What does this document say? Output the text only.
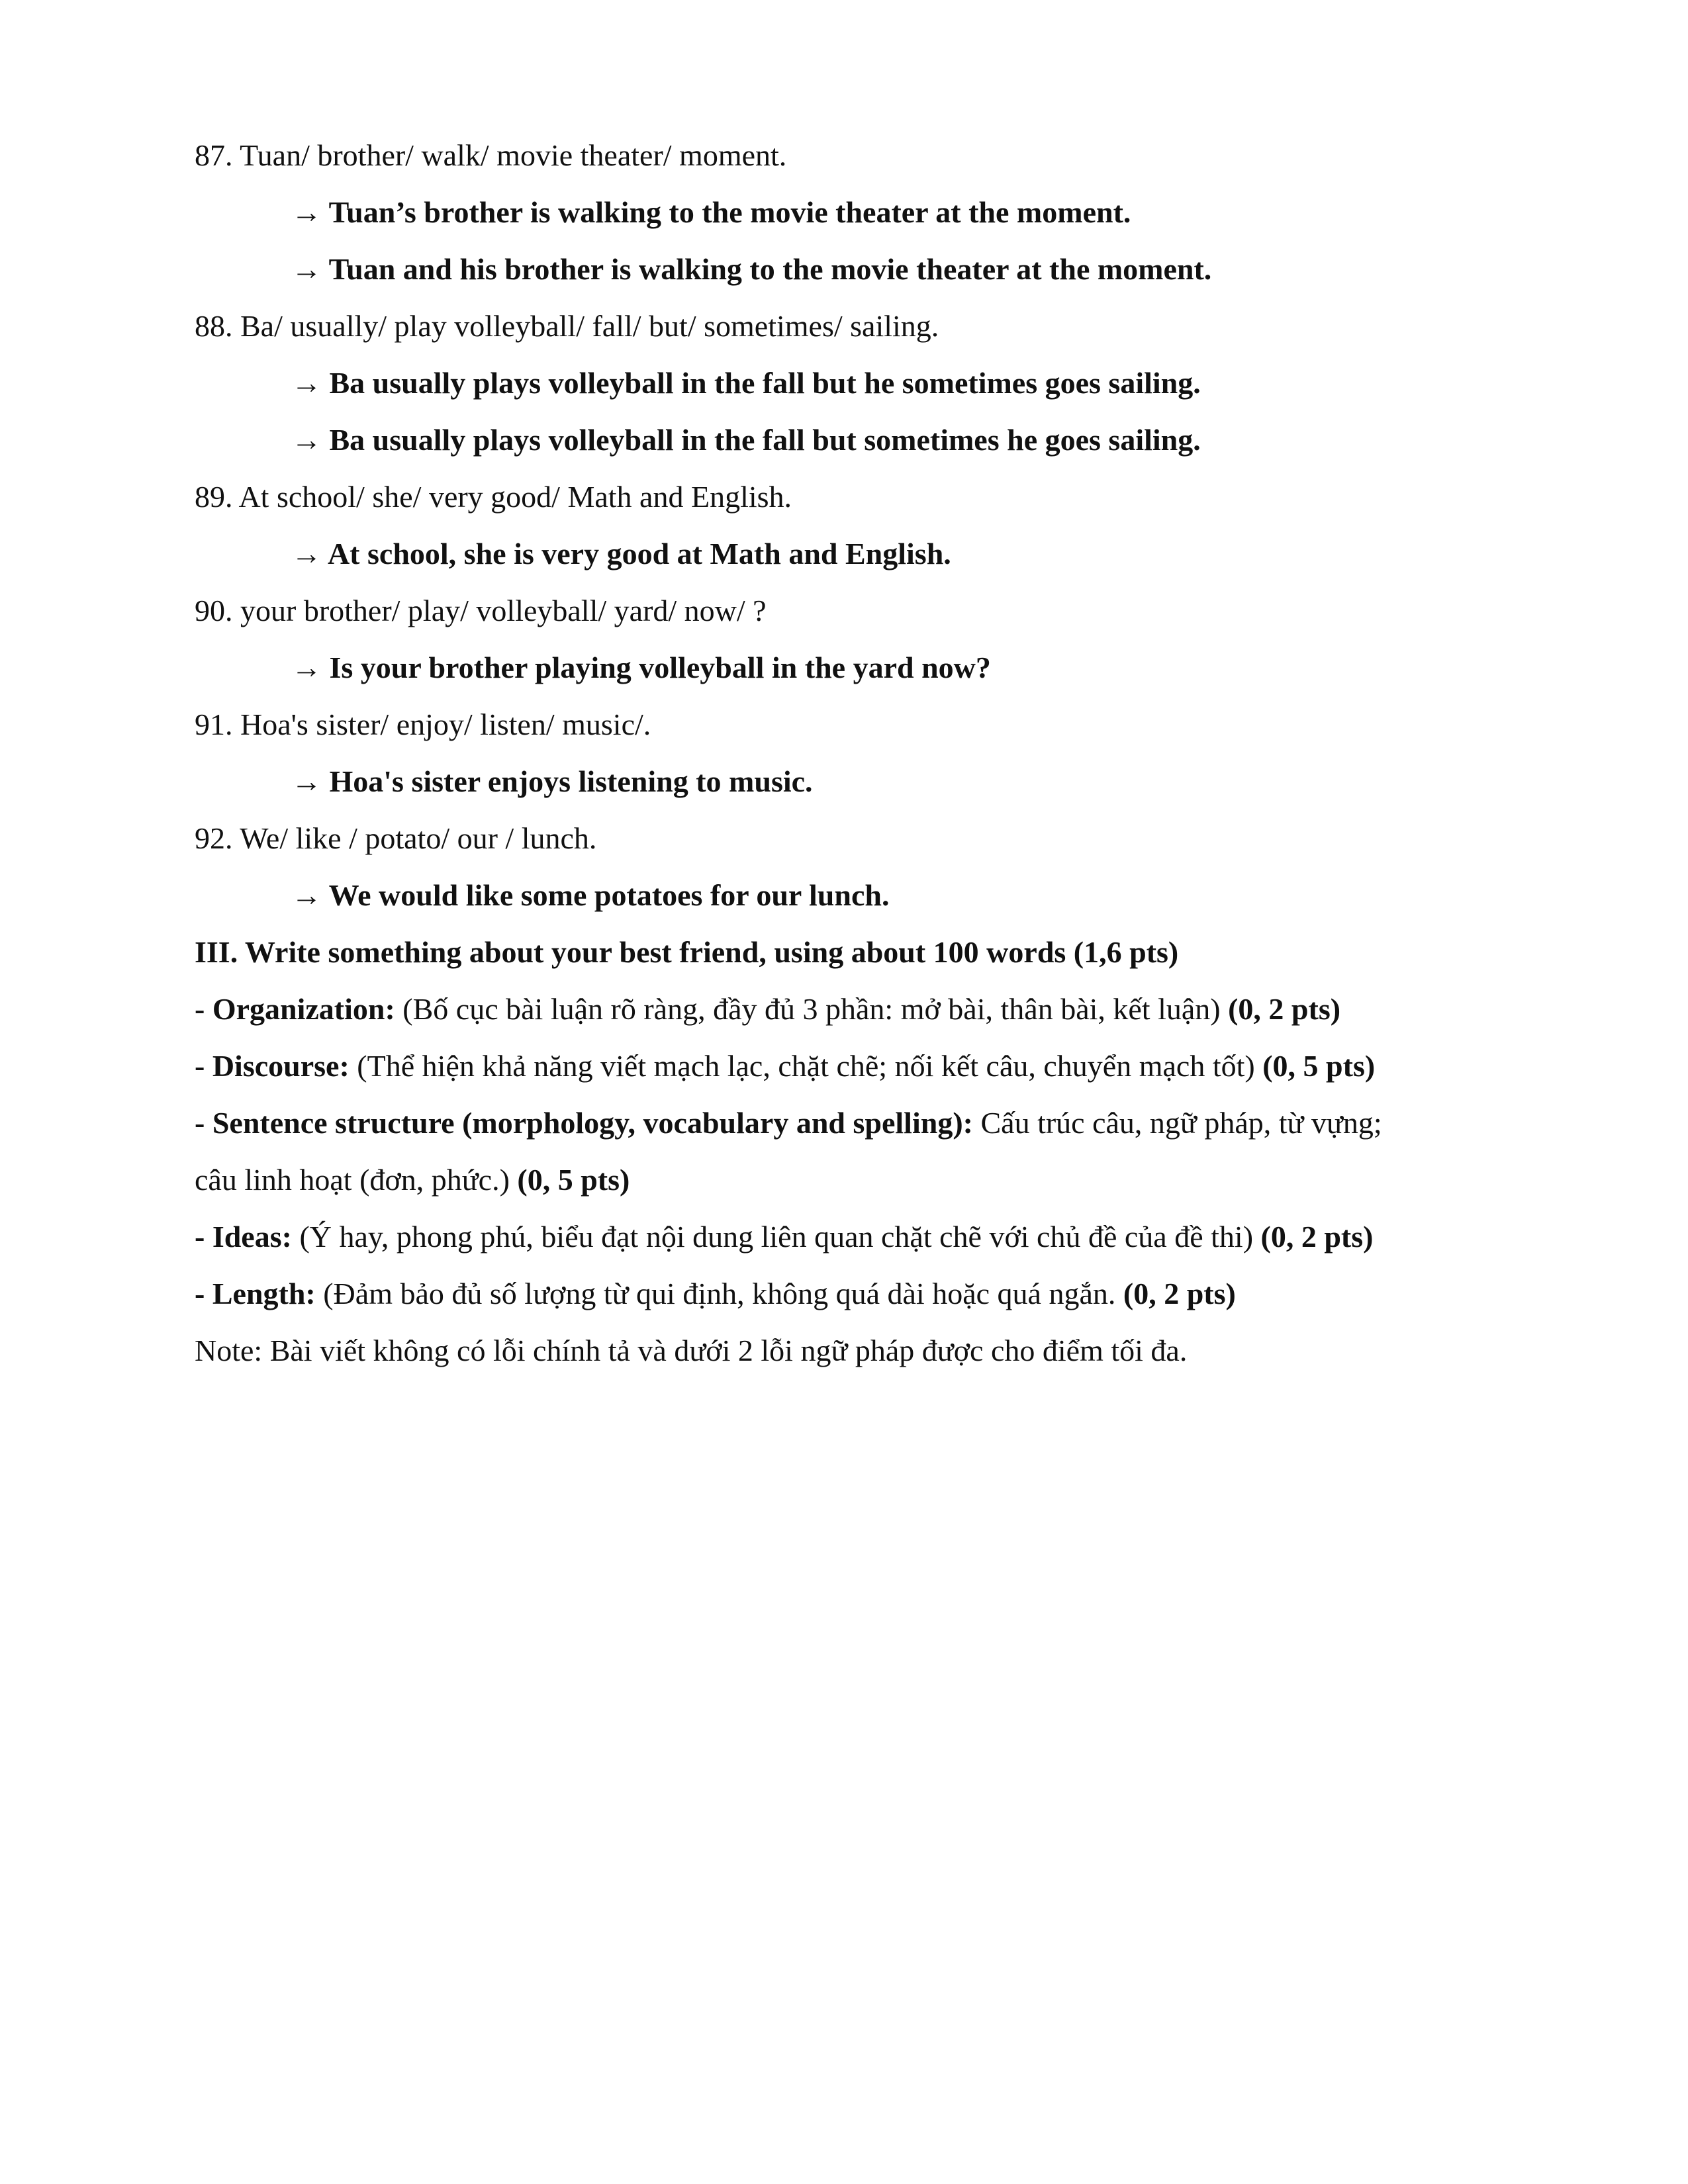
87. Tuan/ brother/ walk/ movie theater/ moment.
→ Tuan’s brother is walking to the movie theater at the moment.
→ Tuan and his brother is walking to the movie theater at the moment.
88. Ba/ usually/ play volleyball/ fall/ but/ sometimes/ sailing.
→ Ba usually plays volleyball in the fall but he sometimes goes sailing.
→ Ba usually plays volleyball in the fall but sometimes he goes sailing.
89. At school/ she/ very good/ Math and English.
→ At school, she is very good at Math and English.
90. your brother/ play/ volleyball/ yard/ now/ ?
→ Is your brother playing volleyball in the yard now?
91. Hoa's sister/ enjoy/ listen/ music/.
→ Hoa's sister enjoys listening to music.
92. We/ like / potato/ our / lunch.
→ We would like some potatoes for our lunch.
III. Write something about your best friend, using about 100 words (1,6 pts)
- Organization: (Bố cục bài luận rõ ràng, đầy đủ 3 phần: mở bài, thân bài, kết luận) (0, 2 pts)
- Discourse: (Thể hiện khả năng viết mạch lạc, chặt chẽ; nối kết câu, chuyển mạch tốt) (0, 5 pts)
- Sentence structure (morphology, vocabulary and spelling): Cấu trúc câu, ngữ pháp, từ vựng;
câu linh hoạt (đơn, phức.) (0, 5 pts)
- Ideas: (Ý hay, phong phú, biểu đạt nội dung liên quan chặt chẽ với chủ đề của đề thi) (0, 2 pts)
- Length: (Đảm bảo đủ số lượng từ qui định, không quá dài hoặc quá ngắn. (0, 2 pts)
Note: Bài viết không có lỗi chính tả và dưới 2 lỗi ngữ pháp được cho điểm tối đa.
